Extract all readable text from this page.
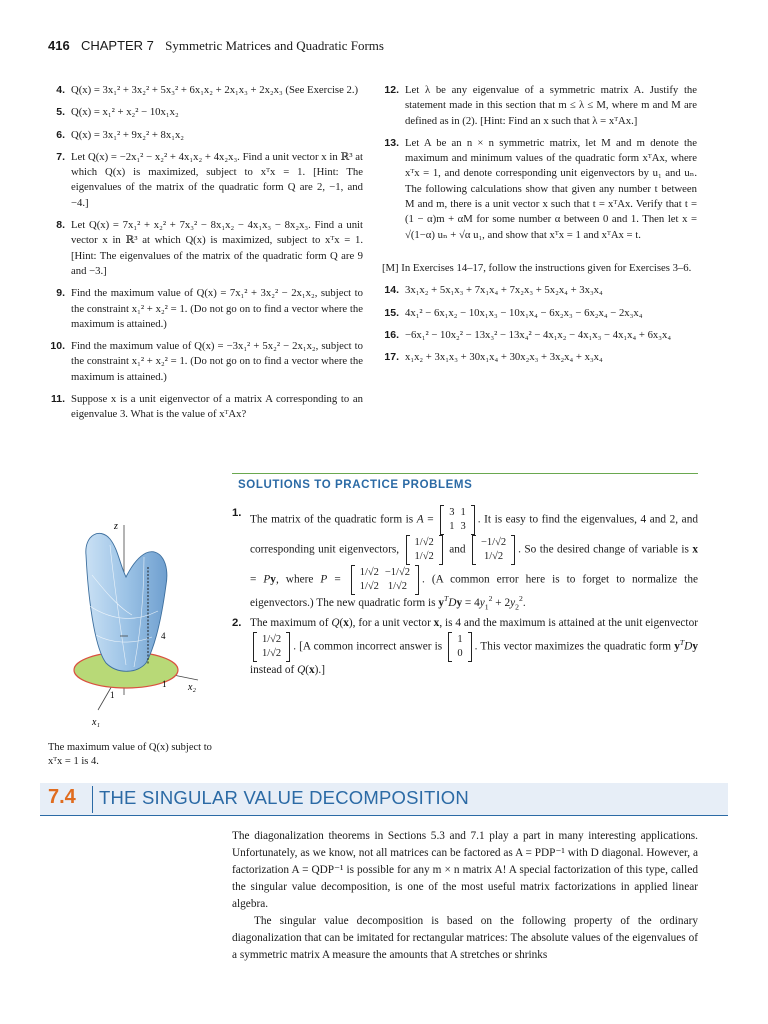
416 CHAPTER 7 Symmetric Matrices and Quadratic Forms
4. Q(x) = 3x₁² + 3x₂² + 5x₃² + 6x₁x₂ + 2x₁x₃ + 2x₂x₃ (See Exercise 2.)
5. Q(x) = x₁² + x₂² − 10x₁x₂
6. Q(x) = 3x₁² + 9x₂² + 8x₁x₂
7. Let Q(x) = −2x₁² − x₂² + 4x₁x₂ + 4x₂x₃. Find a unit vector x in ℝ³ at which Q(x) is maximized, subject to xᵀx = 1. [Hint: The eigenvalues of the matrix of the quadratic form Q are 2, −1, and −4.]
8. Let Q(x) = 7x₁² + x₂² + 7x₃² − 8x₁x₂ − 4x₁x₃ − 8x₂x₃. Find a unit vector x in ℝ³ at which Q(x) is maximized, subject to xᵀx = 1. [Hint: The eigenvalues of the matrix of the quadratic form Q are 9 and −3.]
9. Find the maximum value of Q(x) = 7x₁² + 3x₂² − 2x₁x₂, subject to the constraint x₁² + x₂² = 1. (Do not go on to find a vector where the maximum is attained.)
10. Find the maximum value of Q(x) = −3x₁² + 5x₂² − 2x₁x₂, subject to the constraint x₁² + x₂² = 1. (Do not go on to find a vector where the maximum is attained.)
11. Suppose x is a unit eigenvector of a matrix A corresponding to an eigenvalue 3. What is the value of xᵀAx?
12. Let λ be any eigenvalue of a symmetric matrix A. Justify the statement made in this section that m ≤ λ ≤ M, where m and M are defined as in (2). [Hint: Find an x such that λ = xᵀAx.]
13. Let A be an n × n symmetric matrix, let M and m denote the maximum and minimum values of the quadratic form xᵀAx, where xᵀx = 1, and denote corresponding unit eigenvectors by u₁ and uₙ. The following calculations show that given any number t between M and m, there is a unit vector x such that t = xᵀAx. Verify that t = (1 − α)m + αM for some number α between 0 and 1. Then let x = √(1−α) uₙ + √α u₁, and show that xᵀx = 1 and xᵀAx = t.
[M] In Exercises 14–17, follow the instructions given for Exercises 3–6.
14. 3x₁x₂ + 5x₁x₃ + 7x₁x₄ + 7x₂x₃ + 5x₂x₄ + 3x₃x₄
15. 4x₁² − 6x₁x₂ − 10x₁x₃ − 10x₁x₄ − 6x₂x₃ − 6x₂x₄ − 2x₃x₄
16. −6x₁² − 10x₂² − 13x₃² − 13x₄² − 4x₁x₂ − 4x₁x₃ − 4x₁x₄ + 6x₃x₄
17. x₁x₂ + 3x₁x₃ + 30x₁x₄ + 30x₂x₃ + 3x₂x₄ + x₃x₄
SOLUTIONS TO PRACTICE PROBLEMS
1.
The matrix of the quadratic form is A =
3	1
1	3
. It is easy to find the eigenvalues, 4 and 2, and corresponding unit eigenvectors,
1/√2
1/√2
and
−1/√2
1/√2
. So the desired change of variable is x = Py, where P =
1/√2	−1/√2
1/√2	1/√2
. (A common error here is to forget to normalize the eigenvectors.) The new quadratic form is $y^TDy = 4y_1^2 + 2y_2^2$.
2. The maximum of Q(x), for a unit vector x, is 4 and the maximum is attained at the unit eigenvector
1/√2
1/√2
. [A common incorrect answer is
1
0
. This vector maximizes the quadratic form $y^TDy$ instead of Q(x).]
z
4
1
1
x₂
x₁
The maximum value of Q(x) subject to xᵀx = 1 is 4.
7.4 THE SINGULAR VALUE DECOMPOSITION

The diagonalization theorems in Sections 5.3 and 7.1 play a part in many interesting applications. Unfortunately, as we know, not all matrices can be factored as A = PDP⁻¹ with D diagonal. However, a factorization A = QDP⁻¹ is possible for any m × n matrix A! A special factorization of this type, called the singular value decomposition, is one of the most useful matrix factorizations in applied linear algebra.

The singular value decomposition is based on the following property of the ordinary diagonalization that can be imitated for rectangular matrices: The absolute values of the eigenvalues of a symmetric matrix A measure the amounts that A stretches or shrinks
